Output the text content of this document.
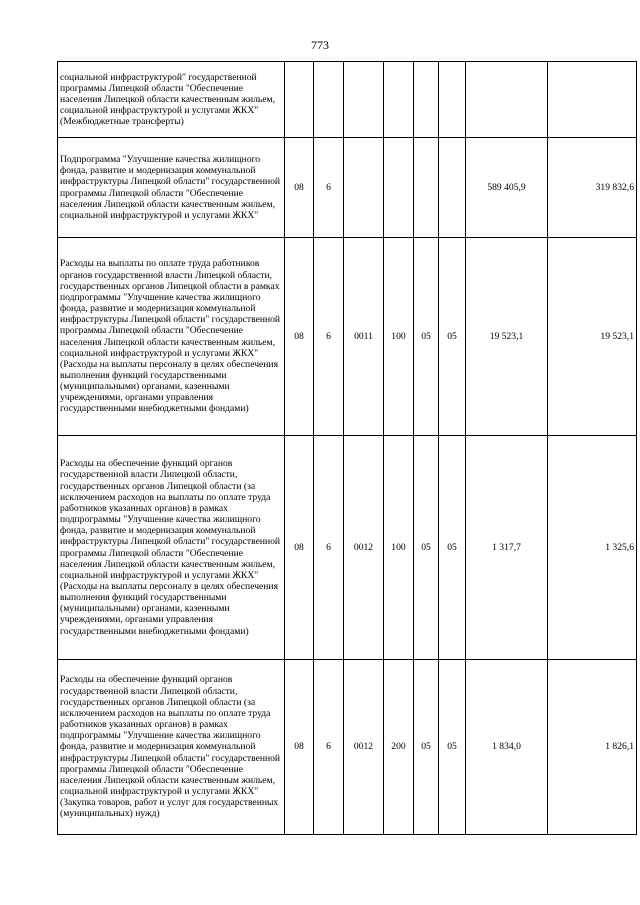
773
социальной инфраструктурой" государственной программы Липецкой области "Обеспечение населения Липецкой области качественным жильем, социальной инфраструктурой и услугами ЖКХ" (Межбюджетные трансферты)								
Подпрограмма "Улучшение качества жилищного фонда, развитие и модернизация коммунальной инфраструктуры Липецкой области" государственной программы Липецкой области "Обеспечение населения Липецкой области качественным жильем, социальной инфраструктурой и услугами ЖКХ"	08	6					589 405,9	319 832,6
Расходы на выплаты по оплате труда работников органов государственной власти Липецкой области, государственных органов Липецкой области в рамках подпрограммы "Улучшение качества жилищного фонда, развитие и модернизация коммунальной инфраструктуры Липецкой области" государственной программы Липецкой области "Обеспечение населения Липецкой области качественным жильем, социальной инфраструктурой и услугами ЖКХ" (Расходы на выплаты персоналу в целях обеспечения выполнения функций государственными (муниципальными) органами, казенными учреждениями, органами управления государственными внебюджетными фондами)	08	6	0011	100	05	05	19 523,1	19 523,1
Расходы на обеспечение функций органов государственной власти Липецкой области, государственных органов Липецкой области (за исключением расходов на выплаты по оплате труда работников указанных органов) в рамках подпрограммы "Улучшение качества жилищного фонда, развитие и модернизация коммунальной инфраструктуры Липецкой области" государственной программы Липецкой области "Обеспечение населения Липецкой области качественным жильем, социальной инфраструктурой и услугами ЖКХ" (Расходы на выплаты персоналу в целях обеспечения выполнения функций государственными (муниципальными) органами, казенными учреждениями, органами управления государственными внебюджетными фондами)	08	6	0012	100	05	05	1 317,7	1 325,6
Расходы на обеспечение функций органов государственной власти Липецкой области, государственных органов Липецкой области (за исключением расходов на выплаты по оплате труда работников указанных органов) в рамках подпрограммы "Улучшение качества жилищного фонда, развитие и модернизация коммунальной инфраструктуры Липецкой области" государственной программы Липецкой области "Обеспечение населения Липецкой области качественным жильем, социальной инфраструктурой и услугами ЖКХ" (Закупка товаров, работ и услуг для государственных (муниципальных) нужд)	08	6	0012	200	05	05	1 834,0	1 826,1
